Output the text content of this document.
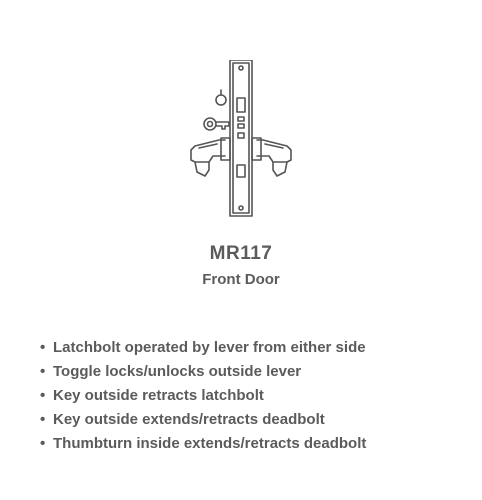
MR117
Front Door
• Latchbolt operated by lever from either side
• Toggle locks/unlocks outside lever
• Key outside retracts latchbolt
• Key outside extends/retracts deadbolt
• Thumbturn inside extends/retracts deadbolt
